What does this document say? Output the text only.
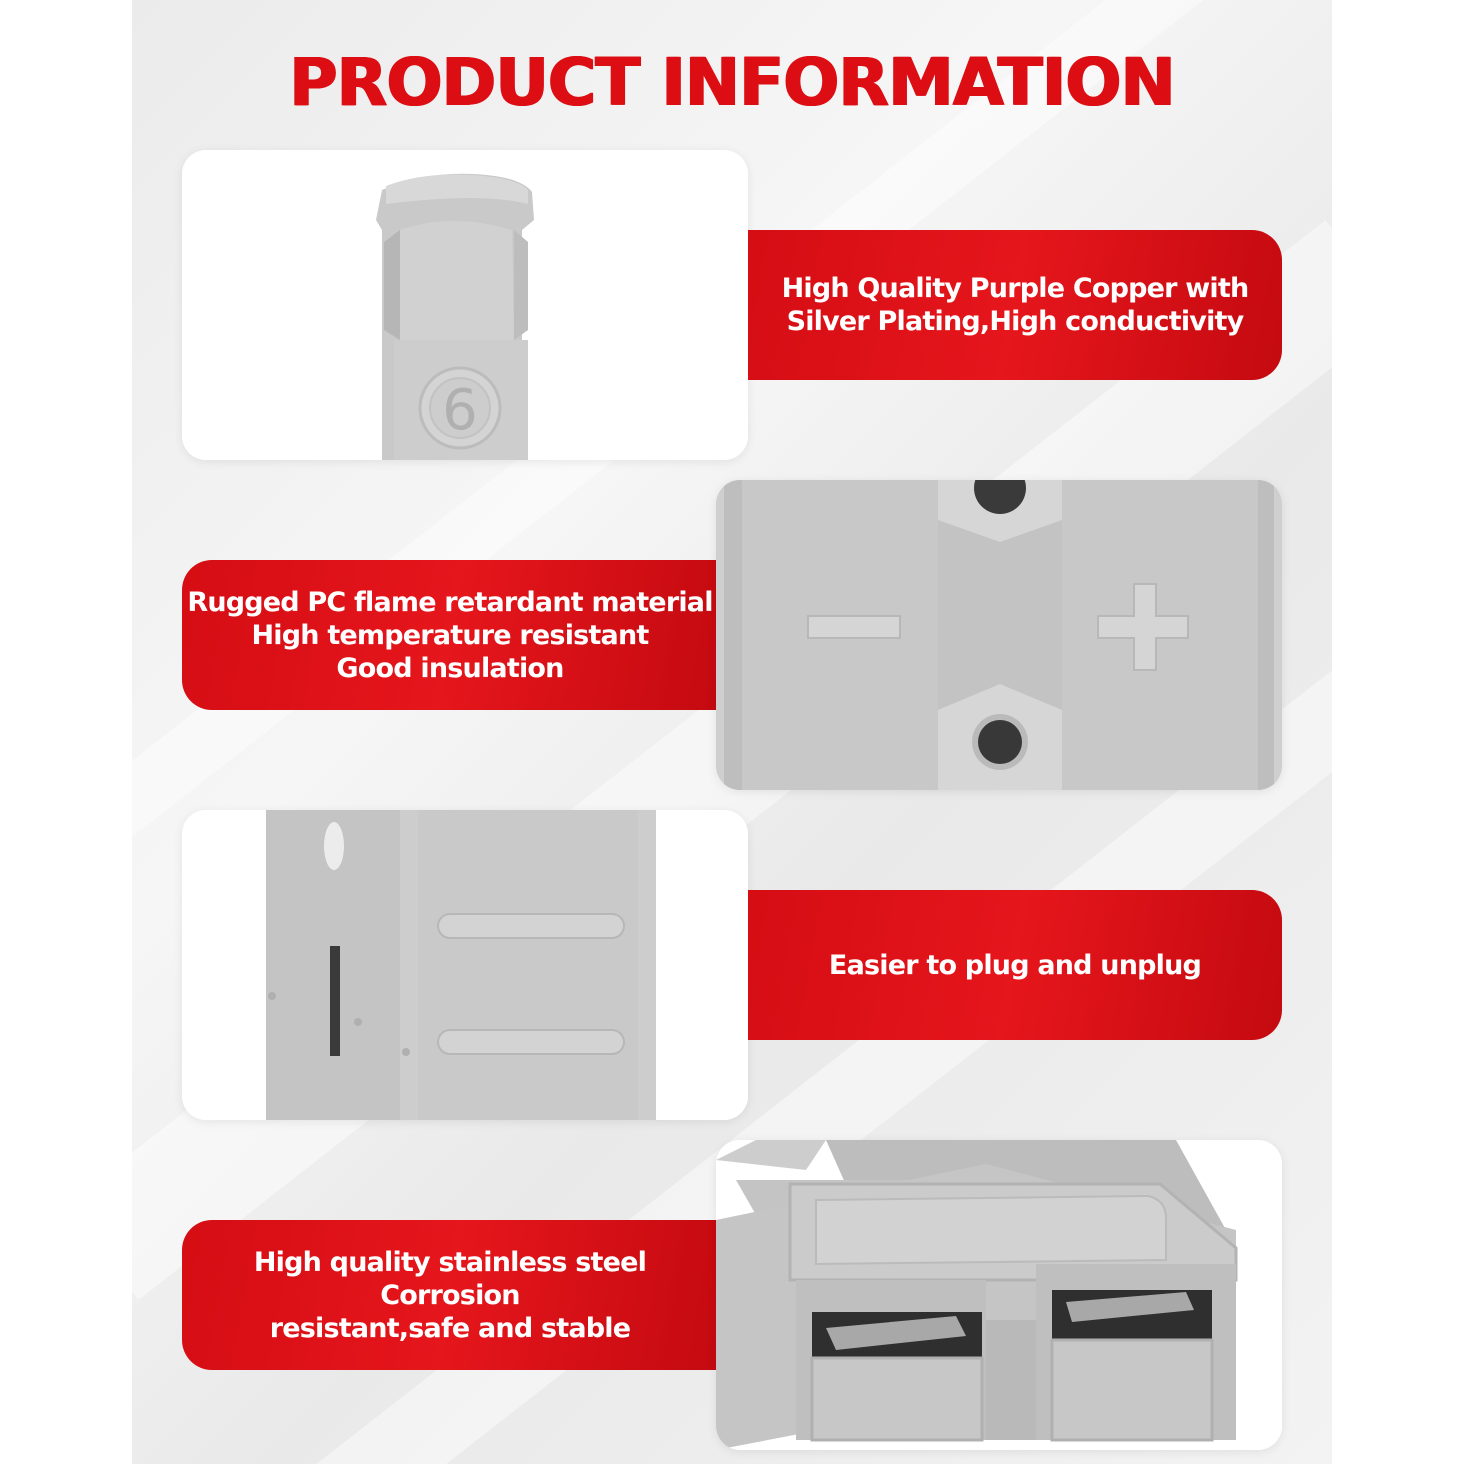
PRODUCT INFORMATION
6
High Quality Purple Copper with
Silver Plating,High conductivity
Rugged PC flame retardant material
High temperature resistant
Good insulation
−	+
Easier to plug and unplug
High quality stainless steel Corrosion
resistant,safe and stable
